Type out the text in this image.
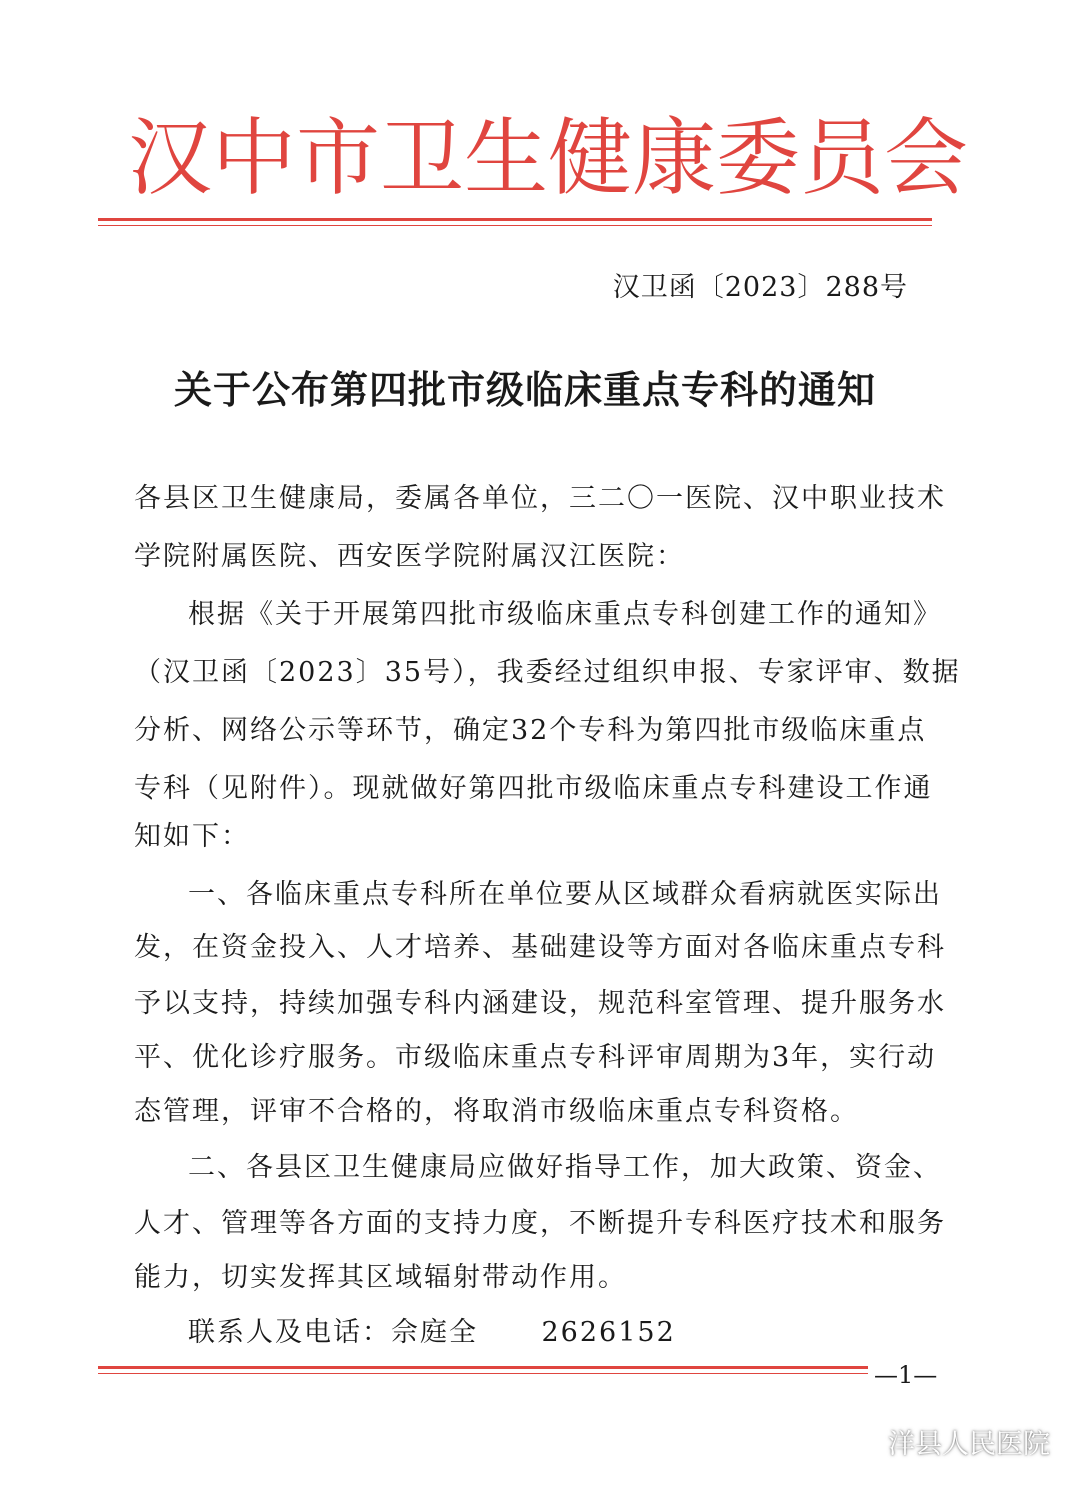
汉中市卫生健康委员会
汉卫函〔2023〕288号
关于公布第四批市级临床重点专科的通知
各县区卫生健康局，委属各单位，三二〇一医院、汉中职业技术
学院附属医院、西安医学院附属汉江医院：
根据《关于开展第四批市级临床重点专科创建工作的通知》
（汉卫函〔2023〕35号），我委经过组织申报、专家评审、数据
分析、网络公示等环节，确定32个专科为第四批市级临床重点
专科（见附件）。现就做好第四批市级临床重点专科建设工作通
知如下：
一、各临床重点专科所在单位要从区域群众看病就医实际出
发，在资金投入、人才培养、基础建设等方面对各临床重点专科
予以支持，持续加强专科内涵建设，规范科室管理、提升服务水
平、优化诊疗服务。市级临床重点专科评审周期为3年，实行动
态管理，评审不合格的，将取消市级临床重点专科资格。
二、各县区卫生健康局应做好指导工作，加大政策、资金、
人才、管理等各方面的支持力度，不断提升专科医疗技术和服务
能力，切实发挥其区域辐射带动作用。
联系人及电话：佘庭全      2626152
—1—
洋县人民医院
